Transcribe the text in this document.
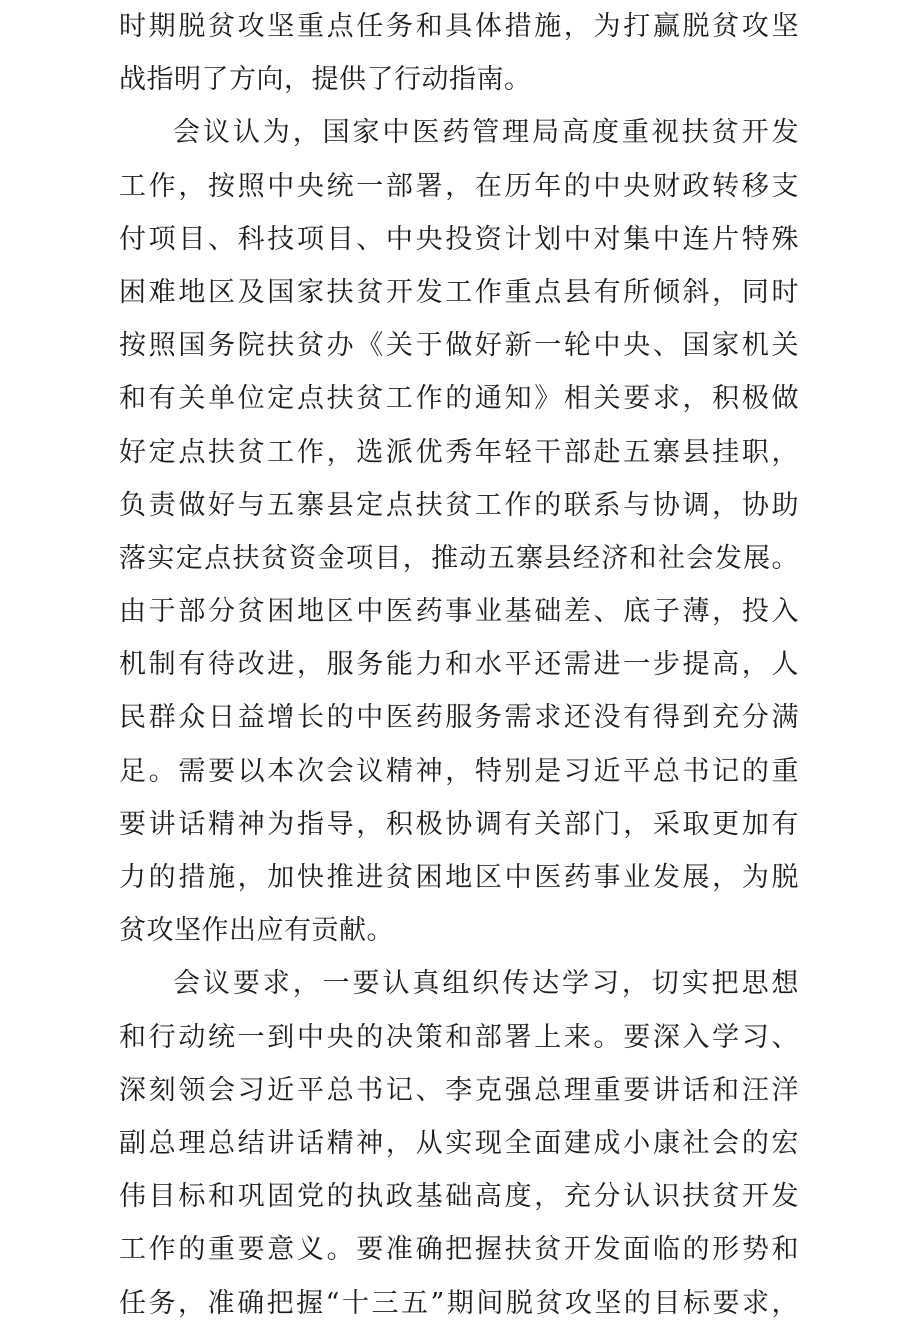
时期脱贫攻坚重点任务和具体措施，为打赢脱贫攻坚
战指明了方向，提供了行动指南。
会议认为，国家中医药管理局高度重视扶贫开发
工作，按照中央统一部署，在历年的中央财政转移支
付项目、科技项目、中央投资计划中对集中连片特殊
困难地区及国家扶贫开发工作重点县有所倾斜，同时
按照国务院扶贫办《关于做好新一轮中央、国家机关
和有关单位定点扶贫工作的通知》相关要求，积极做
好定点扶贫工作，选派优秀年轻干部赴五寨县挂职，
负责做好与五寨县定点扶贫工作的联系与协调，协助
落实定点扶贫资金项目，推动五寨县经济和社会发展。
由于部分贫困地区中医药事业基础差、底子薄，投入
机制有待改进，服务能力和水平还需进一步提高，人
民群众日益增长的中医药服务需求还没有得到充分满
足。需要以本次会议精神，特别是习近平总书记的重
要讲话精神为指导，积极协调有关部门，采取更加有
力的措施，加快推进贫困地区中医药事业发展，为脱
贫攻坚作出应有贡献。
会议要求，一要认真组织传达学习，切实把思想
和行动统一到中央的决策和部署上来。要深入学习、
深刻领会习近平总书记、李克强总理重要讲话和汪洋
副总理总结讲话精神，从实现全面建成小康社会的宏
伟目标和巩固党的执政基础高度，充分认识扶贫开发
工作的重要意义。要准确把握扶贫开发面临的形势和
任务，准确把握“十三五”期间脱贫攻坚的目标要求，
